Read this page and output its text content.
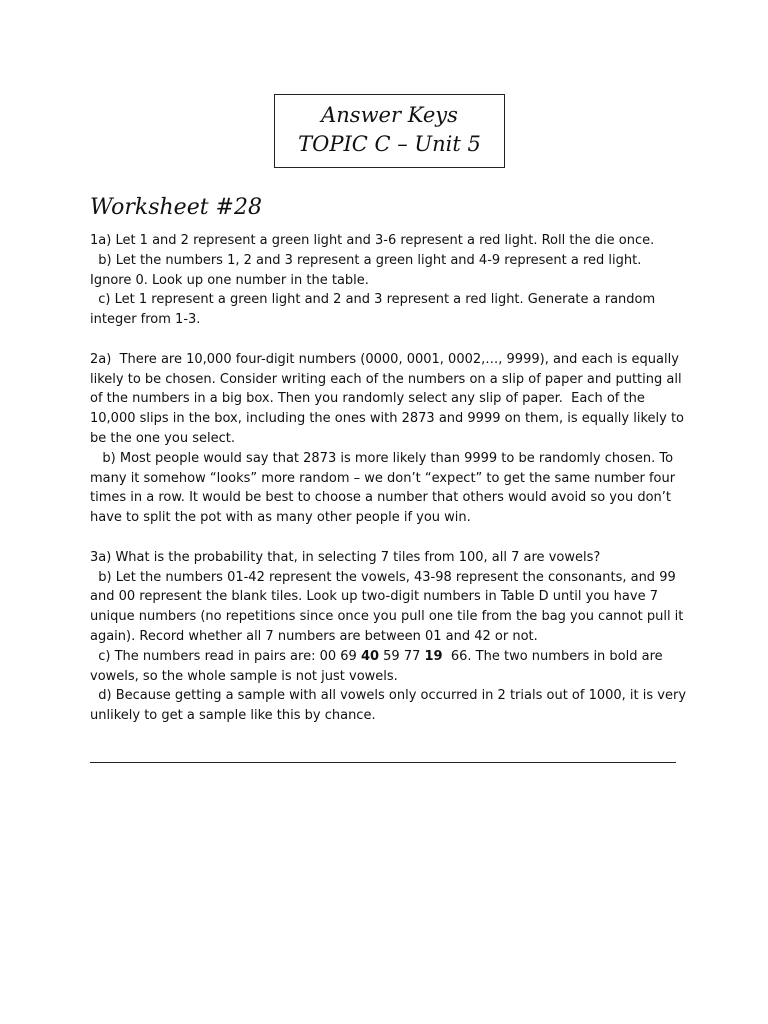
Answer Keys
TOPIC C – Unit 5
Worksheet #28
1a) Let 1 and 2 represent a green light and 3-6 represent a red light. Roll the die once.
b) Let the numbers 1, 2 and 3 represent a green light and 4-9 represent a red light.
Ignore 0. Look up one number in the table.
c) Let 1 represent a green light and 2 and 3 represent a red light. Generate a random
integer from 1-3.
2a)  There are 10,000 four-digit numbers (0000, 0001, 0002,…, 9999), and each is equally
likely to be chosen. Consider writing each of the numbers on a slip of paper and putting all
of the numbers in a big box. Then you randomly select any slip of paper.  Each of the
10,000 slips in the box, including the ones with 2873 and 9999 on them, is equally likely to
be the one you select.
b) Most people would say that 2873 is more likely than 9999 to be randomly chosen. To
many it somehow “looks” more random – we don’t “expect” to get the same number four
times in a row. It would be best to choose a number that others would avoid so you don’t
have to split the pot with as many other people if you win.
3a) What is the probability that, in selecting 7 tiles from 100, all 7 are vowels?
b) Let the numbers 01-42 represent the vowels, 43-98 represent the consonants, and 99
and 00 represent the blank tiles. Look up two-digit numbers in Table D until you have 7
unique numbers (no repetitions since once you pull one tile from the bag you cannot pull it
again). Record whether all 7 numbers are between 01 and 42 or not.
c) The numbers read in pairs are: 00 69 40 59 77 19  66. The two numbers in bold are
vowels, so the whole sample is not just vowels.
d) Because getting a sample with all vowels only occurred in 2 trials out of 1000, it is very
unlikely to get a sample like this by chance.
